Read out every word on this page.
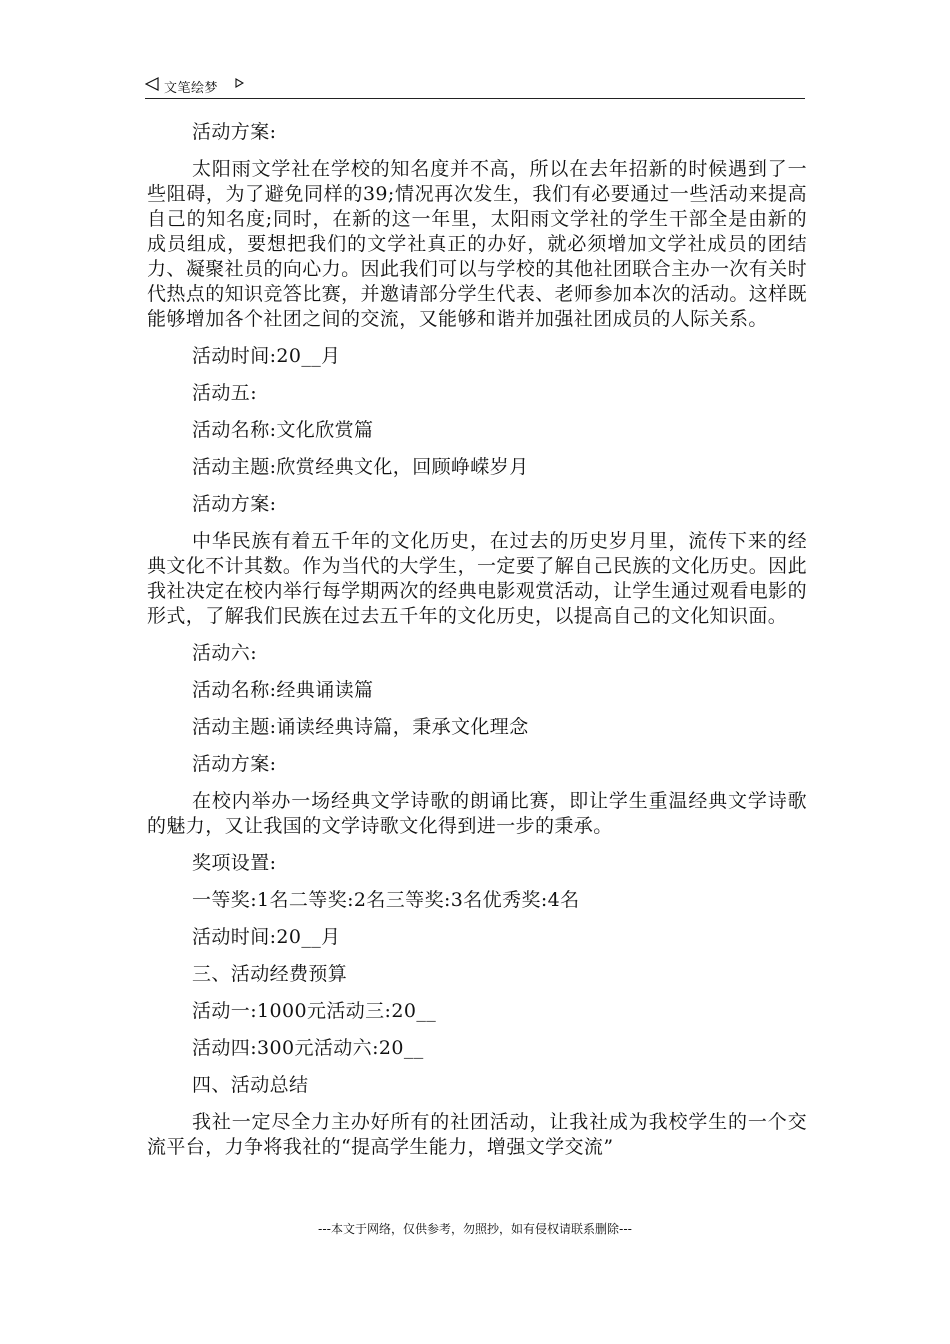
文笔绘梦

活动方案:

太阳雨文学社在学校的知名度并不高，所以在去年招新的时候遇到了一些阻碍，为了避免同样的39;情况再次发生，我们有必要通过一些活动来提高自己的知名度;同时，在新的这一年里，太阳雨文学社的学生干部全是由新的成员组成，要想把我们的文学社真正的办好，就必须增加文学社成员的团结力、凝聚社员的向心力。因此我们可以与学校的其他社团联合主办一次有关时代热点的知识竞答比赛，并邀请部分学生代表、老师参加本次的活动。这样既能够增加各个社团之间的交流，又能够和谐并加强社团成员的人际关系。

活动时间:20__月

活动五:

活动名称:文化欣赏篇

活动主题:欣赏经典文化，回顾峥嵘岁月

活动方案:

中华民族有着五千年的文化历史，在过去的历史岁月里，流传下来的经典文化不计其数。作为当代的大学生，一定要了解自己民族的文化历史。因此我社决定在校内举行每学期两次的经典电影观赏活动，让学生通过观看电影的形式，了解我们民族在过去五千年的文化历史，以提高自己的文化知识面。

活动六:

活动名称:经典诵读篇

活动主题:诵读经典诗篇，秉承文化理念

活动方案:

在校内举办一场经典文学诗歌的朗诵比赛，即让学生重温经典文学诗歌的魅力，又让我国的文学诗歌文化得到进一步的秉承。

奖项设置:

一等奖:1名二等奖:2名三等奖:3名优秀奖:4名

活动时间:20__月

三、活动经费预算

活动一:1000元活动三:20__

活动四:300元活动六:20__

四、活动总结

我社一定尽全力主办好所有的社团活动，让我社成为我校学生的一个交流平台，力争将我社的“提高学生能力，增强文学交流”

---本文于网络，仅供参考，勿照抄，如有侵权请联系删除---
